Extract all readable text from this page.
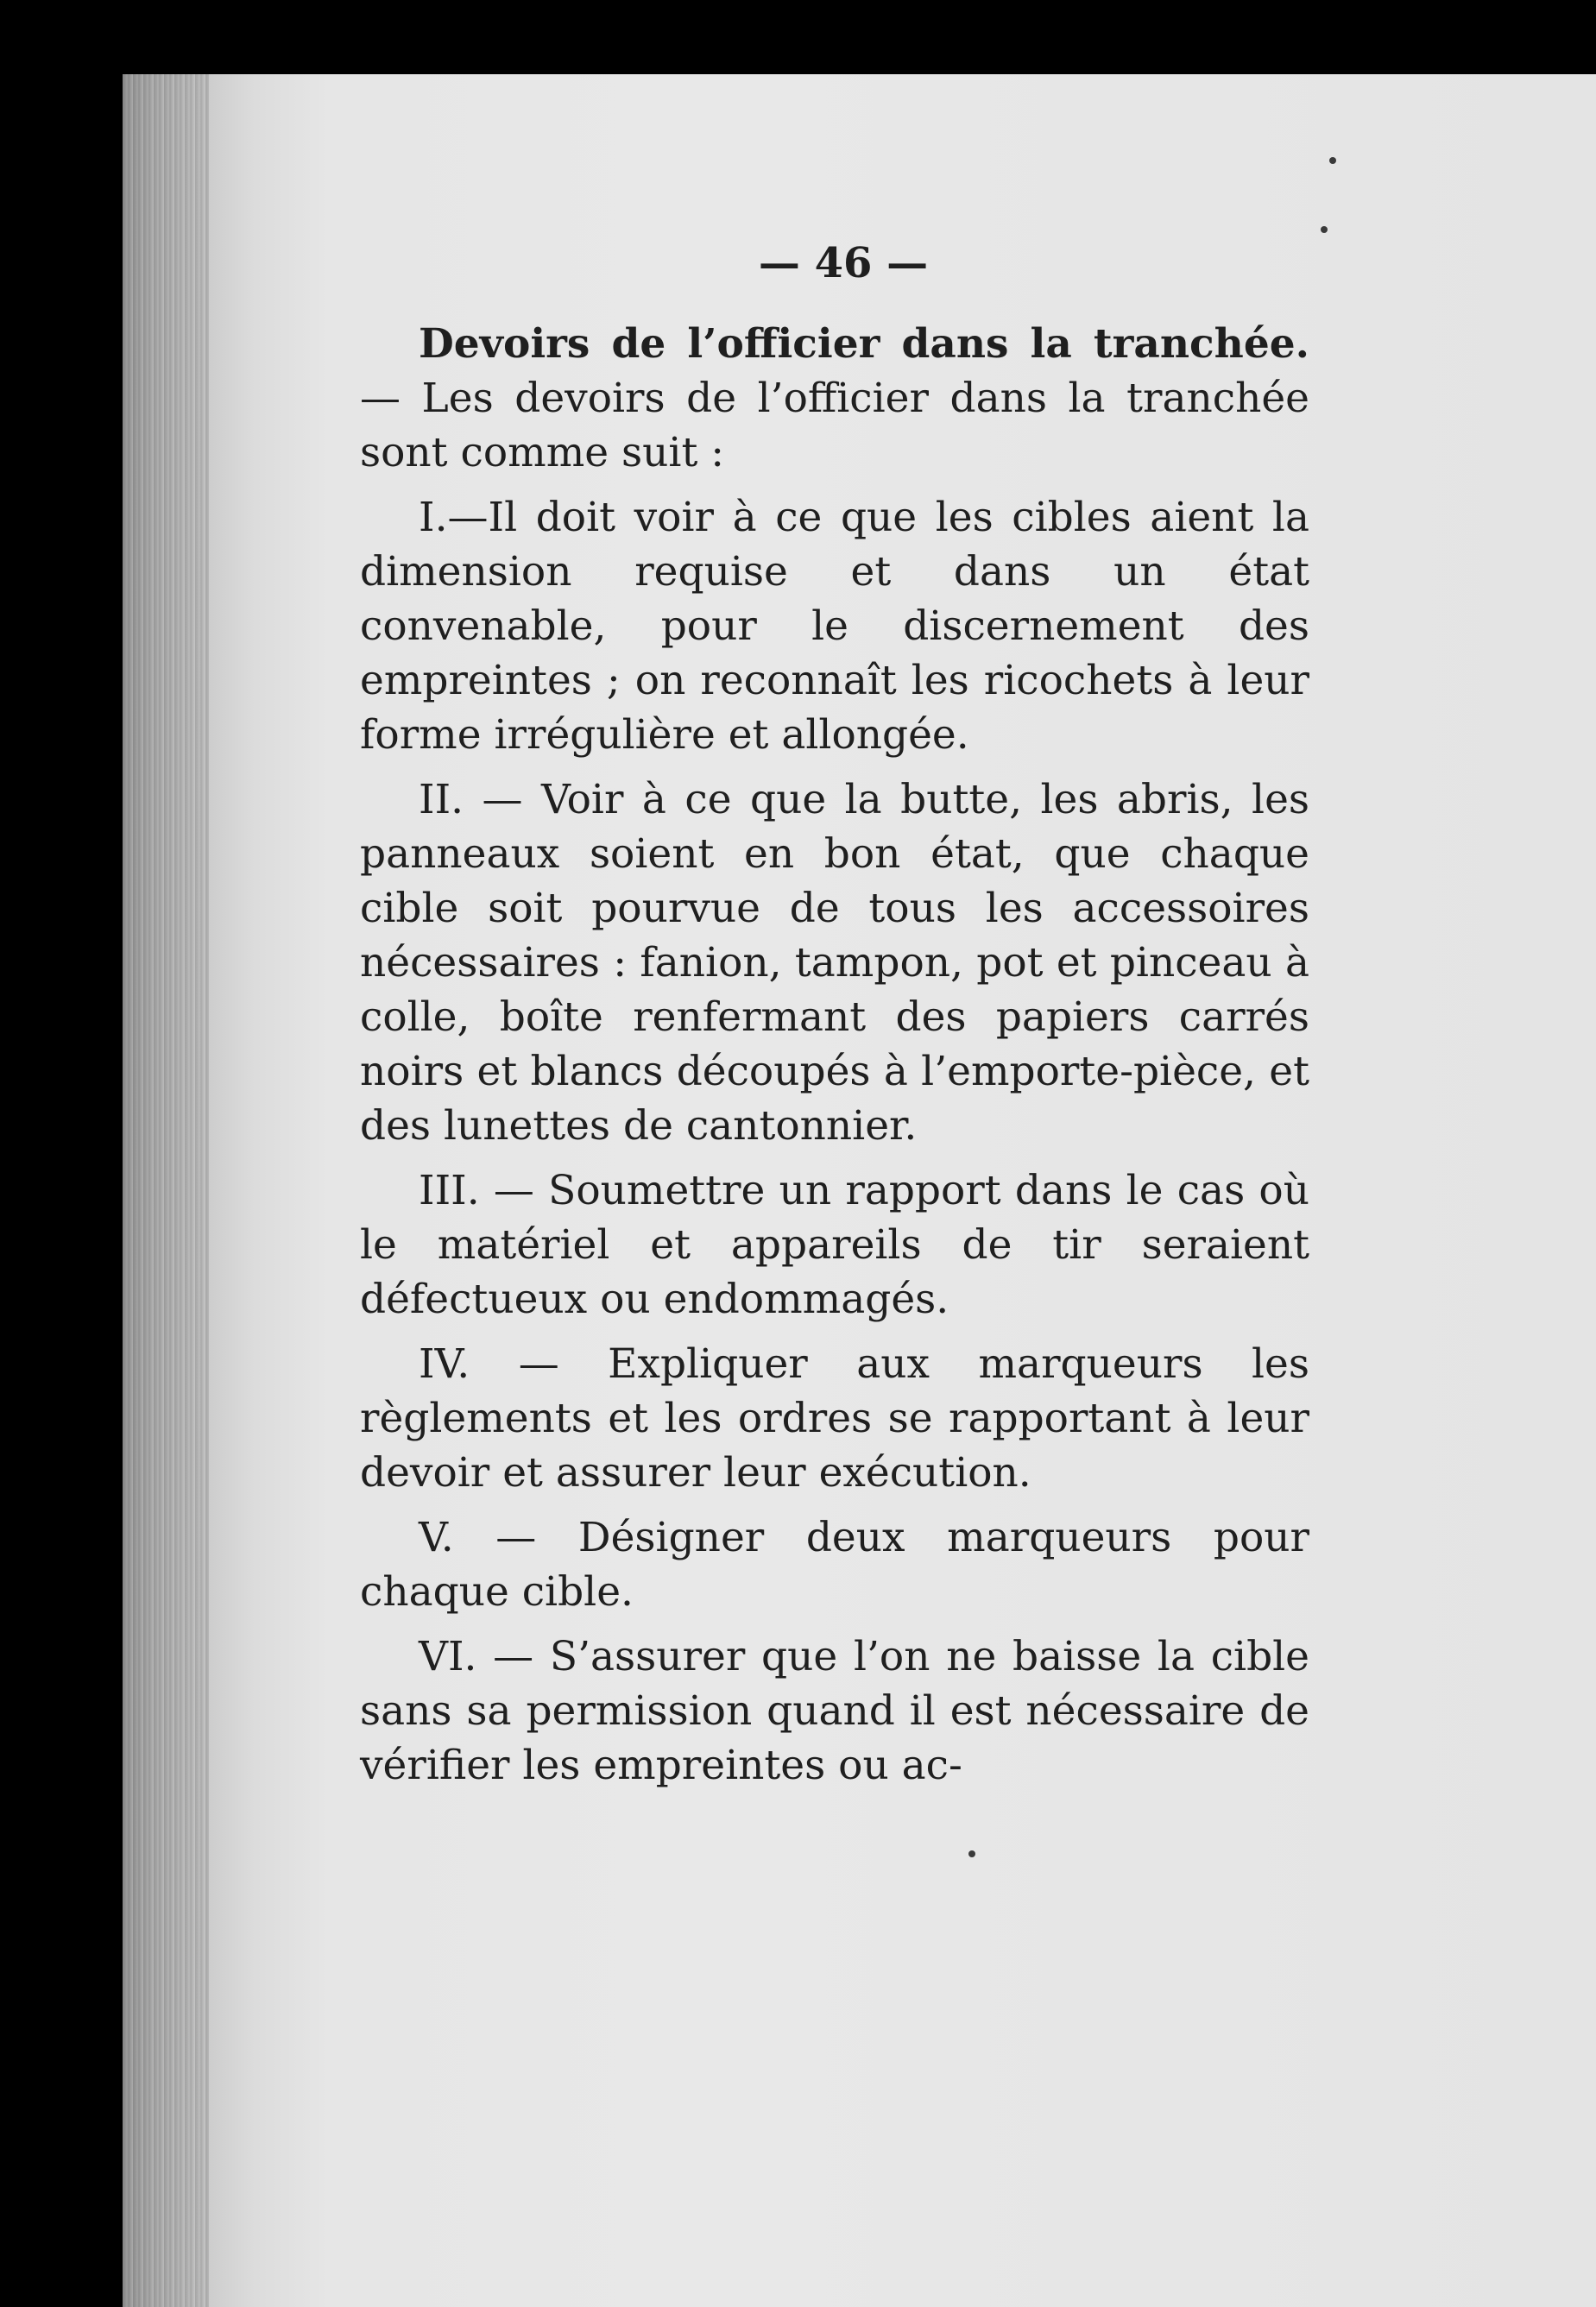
— 46 —

Devoirs de l’officier dans la tranchée. — Les devoirs de l’officier dans la tranchée sont comme suit :

I.—Il doit voir à ce que les cibles aient la dimension requise et dans un état convenable, pour le discernement des empreintes ; on reconnaît les ricochets à leur forme irrégulière et allongée.

II. — Voir à ce que la butte, les abris, les panneaux soient en bon état, que chaque cible soit pourvue de tous les accessoires nécessaires : fanion, tampon, pot et pinceau à colle, boîte renfermant des papiers carrés noirs et blancs découpés à l’emporte-pièce, et des lunettes de cantonnier.

III. — Soumettre un rapport dans le cas où le matériel et appareils de tir seraient défectueux ou endommagés.

IV. — Expliquer aux marqueurs les règlements et les ordres se rapportant à leur devoir et assurer leur exécution.

V. — Désigner deux marqueurs pour chaque cible.

VI. — S’assurer que l’on ne baisse la cible sans sa permission quand il est nécessaire de vérifier les empreintes ou ac-
